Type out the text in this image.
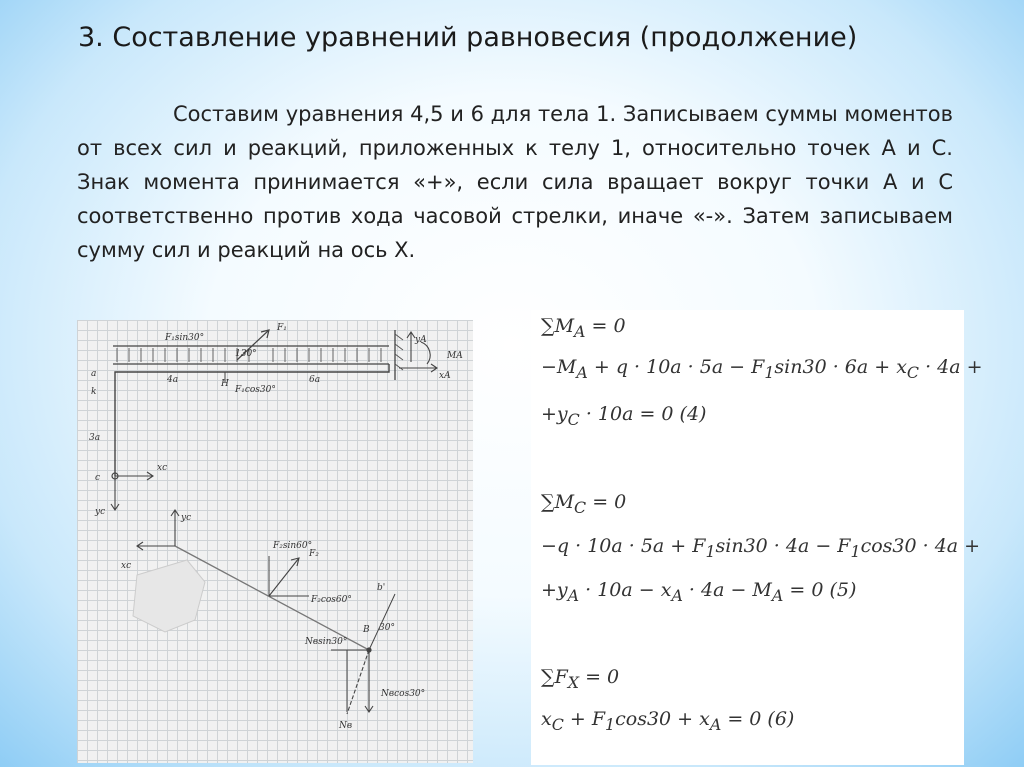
3. Составление уравнений равновесия (продолжение)
Составим уравнения 4,5 и 6 для тела 1. Записываем суммы моментов от всех сил и реакций, приложенных к телу 1, относительно точек А и С. Знак момента принимается «+», если сила вращает вокруг точки А и С соответственно против хода часовой стрелки, иначе «-». Затем записываем сумму сил и реакций на ось Х.
F₁sin30°
F₁
130°
yA
MA
xA
a
k
4a	H
F₁cos30°
6a
3a
c
xc
yc
yc
xc
F₂sin60°
F₂
F₂cos60°
b'
B 30°
Nвsin30°
Nвcos30°
Nв
$\sum M_A = 0$
$-M_A + q \cdot 10a \cdot 5a - F_1\sin 30 \cdot 6a + x_C \cdot 4a$ +
$+y_C \cdot 10a = 0$ (4)
$\sum M_C = 0$
$-q \cdot 10a \cdot 5a + F_1\sin 30 \cdot 4a - F_1\cos 30 \cdot 4a$ +
$+y_A \cdot 10a - x_A \cdot 4a - M_A = 0$ (5)
$\sum F_X = 0$
$x_C + F_1\cos 30 + x_A = 0$ (6)
